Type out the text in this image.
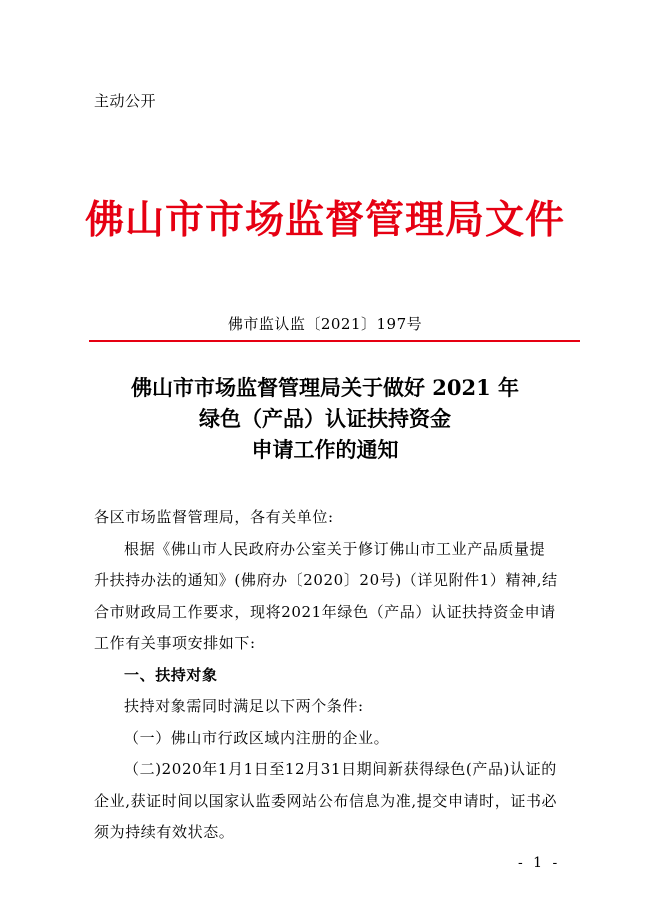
主动公开
佛山市市场监督管理局文件
佛市监认监〔2021〕197号
佛山市市场监督管理局关于做好 2021 年
绿色（产品）认证扶持资金
申请工作的通知

各区市场监督管理局，各有关单位:

根据《佛山市人民政府办公室关于修订佛山市工业产品质量提升扶持办法的通知》(佛府办〔2020〕20号)（详见附件1）精神,结合市财政局工作要求，现将2021年绿色（产品）认证扶持资金申请工作有关事项安排如下:

一、扶持对象

扶持对象需同时满足以下两个条件:

（一）佛山市行政区域内注册的企业。

（二)2020年1月1日至12月31日期间新获得绿色(产品)认证的企业,获证时间以国家认监委网站公布信息为准,提交申请时，证书必须为持续有效状态。

- 1 -
